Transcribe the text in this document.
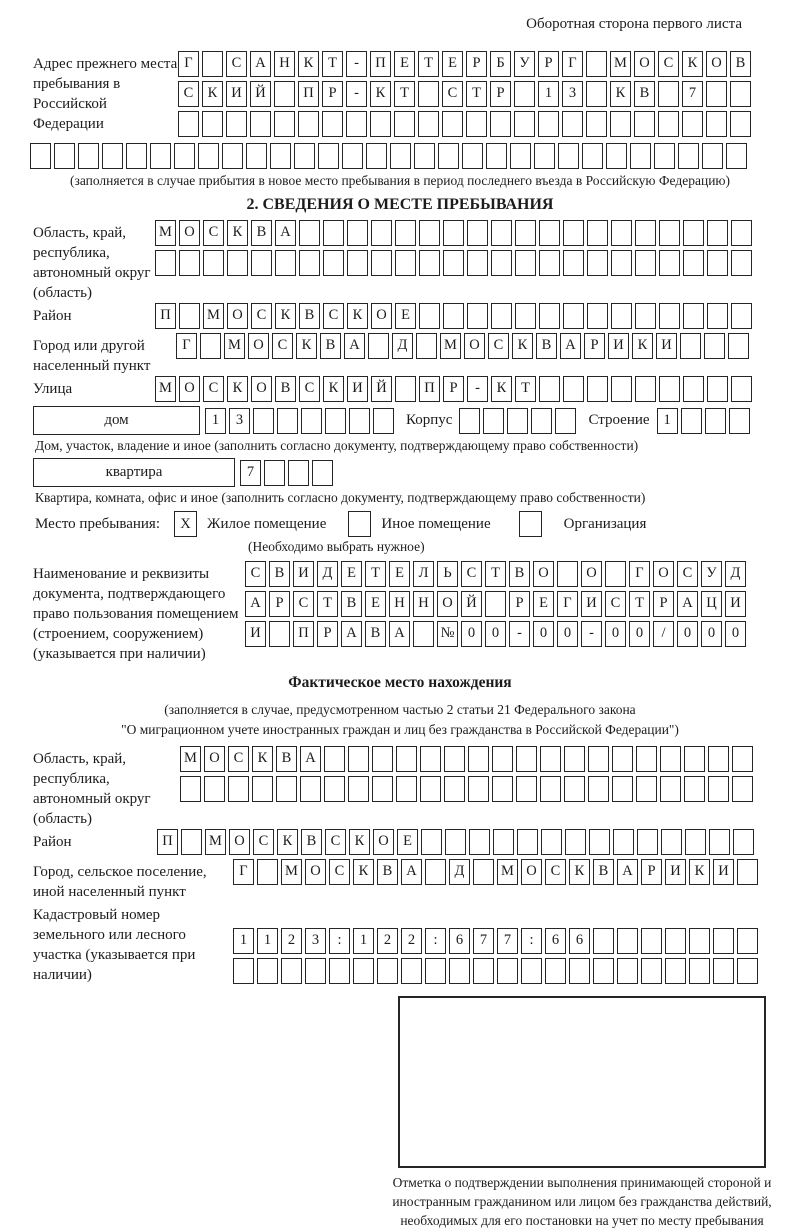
Оборотная сторона первого листа
Адрес прежнего места пребывания в Российской Федерации
Г	С А Н К Т - П Е Т Е Р Б У Р Г	М О С К О В
С К И Й	П Р - К Т	С Т Р	1 3	К В	7
(заполняется в случае прибытия в новое место пребывания в период последнего въезда в Российскую Федерацию)
2. СВЕДЕНИЯ О МЕСТЕ ПРЕБЫВАНИЯ
Область, край, республика, автономный округ (область)
М О С К В А
Район	П	М О С К В С К О Е
Город или другой населенный пункт
Г	М О С К В А	Д	М О С К В А Р И К И
Улица	М О С К О В С К И Й	П Р - К Т
дом	1 3	Корпус	Строение 1
Дом, участок, владение и иное (заполнить согласно документу, подтверждающему право собственности)
квартира	7
Квартира, комната, офис и иное (заполнить согласно документу, подтверждающему право собственности)
Место пребывания:	X	Жилое помещение	Иное помещение	Организация
(Необходимо выбрать нужное)
Наименование и реквизиты документа, подтверждающего право пользования помещением (строением, сооружением) (указывается при наличии)
С В И Д Е Т Е Л Ь С Т В О	О	Г О С У Д
А Р С Т В Е Н Н О Й	Р Е Г И С Т Р А Ц И
И	П Р А В А № 0 0 - 0 0 - 0 0 / 0 0 0
Фактическое место нахождения
(заполняется в случае, предусмотренном частью 2 статьи 21 Федерального закона
"О миграционном учете иностранных граждан и лиц без гражданства в Российской Федерации")
Область, край, республика, автономный округ (область)
М О С К В А
Район	П	М О С К В С К О Е
Город, сельское поселение, иной населенный пункт
Г	М О С К В А	Д	М О С К В А Р И К И
Кадастровый номер земельного или лесного участка (указывается при наличии)
1 1 2 3 : 1 2 2 : 6 7 7 : 6 6
Отметка о подтверждении выполнения принимающей стороной и иностранным гражданином или лицом без гражданства действий, необходимых для его постановки на учет по месту пребывания
